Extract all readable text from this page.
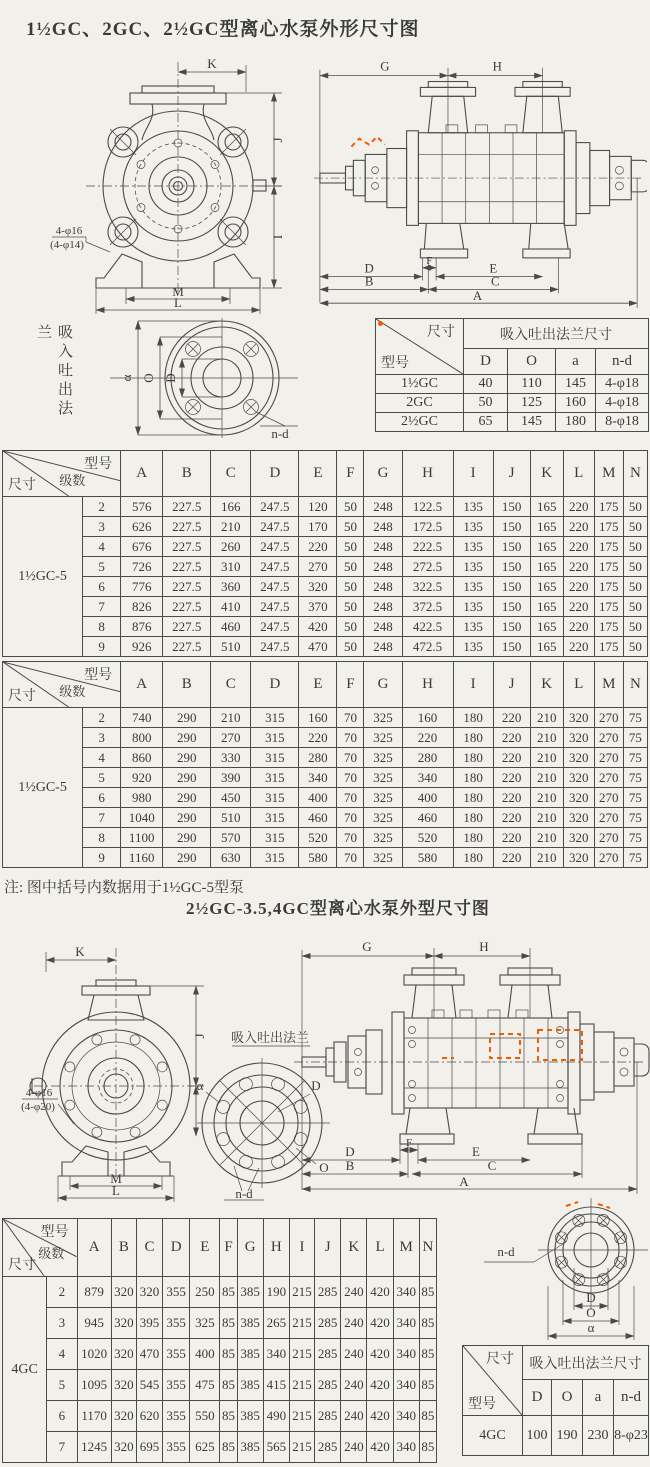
1½GC、2GC、2½GC型离心水泵外形尺寸图
2½GC-3.5,4GC型离心水泵外型尺寸图
注: 图中括号内数据用于1½GC-5型泵
K
J
I
M
L
4-φ16
(4-φ14)
G	H
F
D	E
B	C
A
吸入吐出法兰
α O D
n-d
尺寸
型号	吸入吐出法兰尺寸			
	D	O	a	n-d
1½GC	40	110	145	4-φ18
2GC	50	125	160	4-φ18
2½GC	65	145	180	8-φ18
型号
级数
尺寸		A	B	C	D	E	F	G	H	I	J	K	L	M	N
1½GC-5	2	576	227.5	166	247.5	120	50	248	122.5	135	150	165	220	175	50
	3	626	227.5	210	247.5	170	50	248	172.5	135	150	165	220	175	50
	4	676	227.5	260	247.5	220	50	248	222.5	135	150	165	220	175	50
	5	726	227.5	310	247.5	270	50	248	272.5	135	150	165	220	175	50
	6	776	227.5	360	247.5	320	50	248	322.5	135	150	165	220	175	50
	7	826	227.5	410	247.5	370	50	248	372.5	135	150	165	220	175	50
	8	876	227.5	460	247.5	420	50	248	422.5	135	150	165	220	175	50
	9	926	227.5	510	247.5	470	50	248	472.5	135	150	165	220	175	50
型号
级数
尺寸		A	B	C	D	E	F	G	H	I	J	K	L	M	N
1½GC-5	2	740	290	210	315	160	70	325	160	180	220	210	320	270	75
	3	800	290	270	315	220	70	325	220	180	220	210	320	270	75
	4	860	290	330	315	280	70	325	280	180	220	210	320	270	75
	5	920	290	390	315	340	70	325	340	180	220	210	320	270	75
	6	980	290	450	315	400	70	325	400	180	220	210	320	270	75
	7	1040	290	510	315	460	70	325	460	180	220	210	320	270	75
	8	1100	290	570	315	520	70	325	520	180	220	210	320	270	75
	9	1160	290	630	315	580	70	325	580	180	220	210	320	270	75
K
J
M
L
4-φ16
(4-φ20)
吸入吐出法兰
α	D
O
n-d
G	H
F
D	E
B	C
A
型号
级数
尺寸		A	B	C	D	E	F	G	H	I	J	K	L	M	N
4GC	2	879	320	320	355	250	85	385	190	215	285	240	420	340	85
	3	945	320	395	355	325	85	385	265	215	285	240	420	340	85
	4	1020	320	470	355	400	85	385	340	215	285	240	420	340	85
	5	1095	320	545	355	475	85	385	415	215	285	240	420	340	85
	6	1170	320	620	355	550	85	385	490	215	285	240	420	340	85
	7	1245	320	695	355	625	85	385	565	215	285	240	420	340	85
n-d
D
O
α
尺寸
型号	吸入吐出法兰尺寸			
	D	O	a	n-d
4GC	100	190	230	8-φ23
